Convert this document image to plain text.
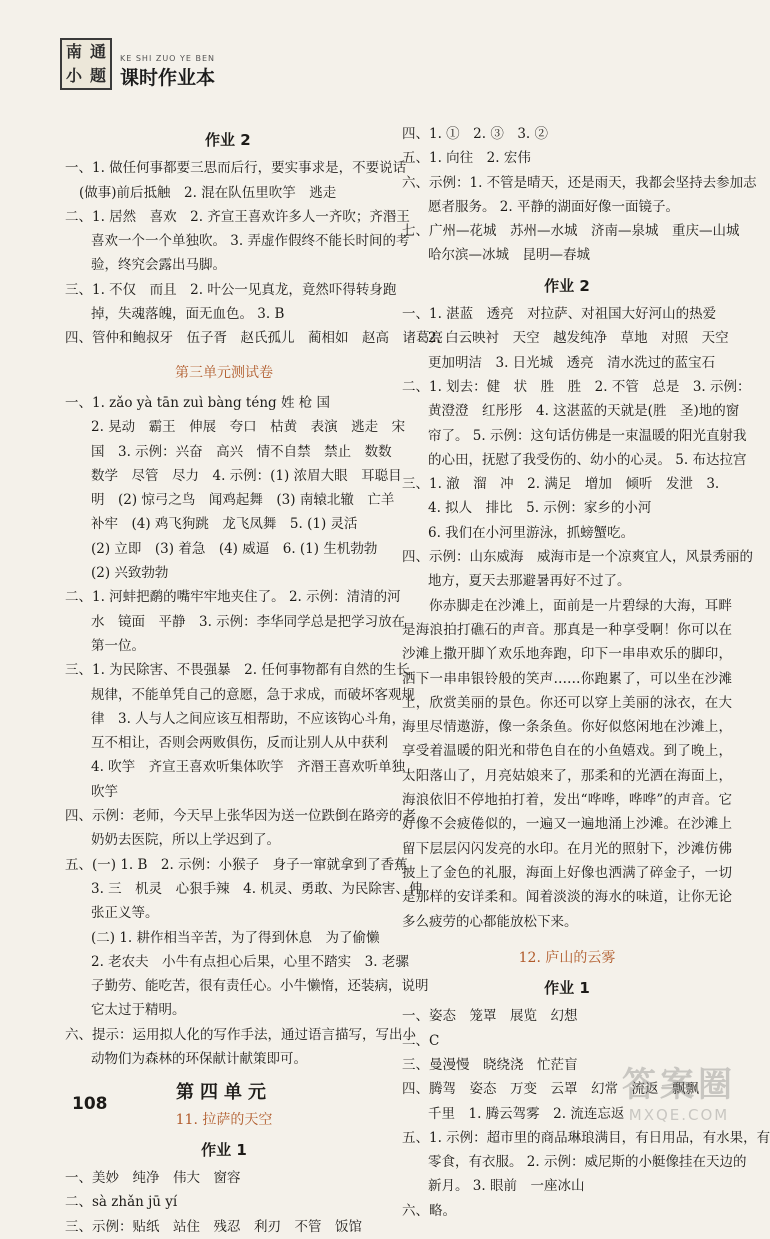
南 通
小 题
KE SHI ZUO YE BEN
课时作业本
作业 2
一、1. 做任何事都要三思而后行，要实事求是，不要说话
(做事)前后抵触　2. 混在队伍里吹竽　逃走
二、1. 居然　喜欢　2. 齐宣王喜欢许多人一齐吹；齐湣王
喜欢一个一个单独吹。 3. 弄虚作假终不能长时间的考
验，终究会露出马脚。
三、1. 不仅　而且　2. 叶公一见真龙，竟然吓得转身跑
掉，失魂落魄，面无血色。 3. B
四、管仲和鲍叔牙　伍子胥　赵氏孤儿　蔺相如　赵高　诸葛亮
第三单元测试卷
一、1. zǎo yà tān zuì bàng téng 姓 枪 国
2. 晃动　霸王　伸展　夸口　枯黄　表演　逃走　宋
国　3. 示例：兴奋　高兴　情不自禁　禁止　数数
数学　尽管　尽力　4. 示例：(1) 浓眉大眼　耳聪目
明　(2) 惊弓之鸟　闻鸡起舞　(3) 南辕北辙　亡羊
补牢　(4) 鸡飞狗跳　龙飞凤舞　5. (1) 灵活
(2) 立即　(3) 着急　(4) 威逼　6. (1) 生机勃勃
(2) 兴致勃勃
二、1. 河蚌把鹬的嘴牢牢地夹住了。 2. 示例：清清的河
水　镜面　平静　3. 示例：李华同学总是把学习放在
第一位。
三、1. 为民除害、不畏强暴　2. 任何事物都有自然的生长
规律，不能单凭自己的意愿，急于求成，而破坏客观规
律　3. 人与人之间应该互相帮助，不应该钩心斗角，
互不相让，否则会两败俱伤，反而让别人从中获利
4. 吹竽　齐宣王喜欢听集体吹竽　齐湣王喜欢听单独
吹竽
四、示例：老师，今天早上张华因为送一位跌倒在路旁的老
奶奶去医院，所以上学迟到了。
五、(一) 1. B　2. 示例：小猴子　身子一窜就拿到了香蕉
3. 三　机灵　心狠手辣　4. 机灵、勇敢、为民除害、伸
张正义等。
(二) 1. 耕作相当辛苦，为了得到休息　为了偷懒
2. 老农夫　小牛有点担心后果，心里不踏实　3. 老骡
子勤劳、能吃苦，很有责任心。小牛懒惰，还装病，说明
它太过于精明。
六、提示：运用拟人化的写作手法，通过语言描写，写出小
动物们为森林的环保献计献策即可。
第四单元
11. 拉萨的天空
作业 1
一、美妙　纯净　伟大　窗容
二、sà zhǎn jū yí
三、示例：贴纸　站住　残忍　利刃　不管　饭馆
四、1. ①　2. ③　3. ②
五、1. 向往　2. 宏伟
六、示例：1. 不管是晴天，还是雨天，我都会坚持去参加志
愿者服务。 2. 平静的湖面好像一面镜子。
七、广州—花城　苏州—水城　济南—泉城　重庆—山城
哈尔滨—冰城　昆明—春城
作业 2
一、1. 湛蓝　透亮　对拉萨、对祖国大好河山的热爱
2. 白云映衬　天空　越发纯净　草地　对照　天空
更加明洁　3. 日光城　透亮　清水洗过的蓝宝石
二、1. 划去：健　状　胜　胜　2. 不管　总是　3. 示例：
黄澄澄　红彤彤　4. 这湛蓝的天就是(胜　圣)地的窗
帘了。 5. 示例：这句话仿佛是一束温暖的阳光直射我
的心田，抚慰了我受伤的、幼小的心灵。 5. 布达拉宫
三、1. 澈　溜　冲　2. 满足　增加　倾听　发泄　3.
4. 拟人　排比　5. 示例：家乡的小河
6. 我们在小河里游泳，抓螃蟹吃。
四、示例：山东威海　威海市是一个凉爽宜人，风景秀丽的
地方，夏天去那避暑再好不过了。
你赤脚走在沙滩上，面前是一片碧绿的大海，耳畔是海浪拍打礁石的声音。那真是一种享受啊！你可以在沙滩上撒开脚丫欢乐地奔跑，印下一串串欢乐的脚印，洒下一串串银铃般的笑声……你跑累了，可以坐在沙滩上，欣赏美丽的景色。你还可以穿上美丽的泳衣，在大海里尽情遨游，像一条条鱼。你好似悠闲地在沙滩上，享受着温暖的阳光和带色自在的小鱼嬉戏。到了晚上，太阳落山了，月亮姑娘来了，那柔和的光洒在海面上，海浪依旧不停地拍打着，发出“哗哗，哗哗”的声音。它好像不会疲倦似的，一遍又一遍地涌上沙滩。在沙滩上留下层层闪闪发亮的水印。在月光的照射下，沙滩仿佛披上了金色的礼服，海面上好像也洒满了碎金子，一切是那样的安详柔和。闻着淡淡的海水的味道，让你无论多么疲劳的心都能放松下来。
12. 庐山的云雾
作业 1
一、姿态　笼罩　展览　幻想
二、C
三、曼漫慢　晓绕浇　忙茫盲
四、腾驾　姿态　万变　云罩　幻常　流返　飘飘
千里　1. 腾云驾雾　2. 流连忘返
五、1. 示例：超市里的商品琳琅满目，有日用品，有水果，有
零食，有衣服。 2. 示例：威尼斯的小艇像挂在天边的
新月。 3. 眼前　一座冰山
六、略。
108	答案圈
MXQE.COM
